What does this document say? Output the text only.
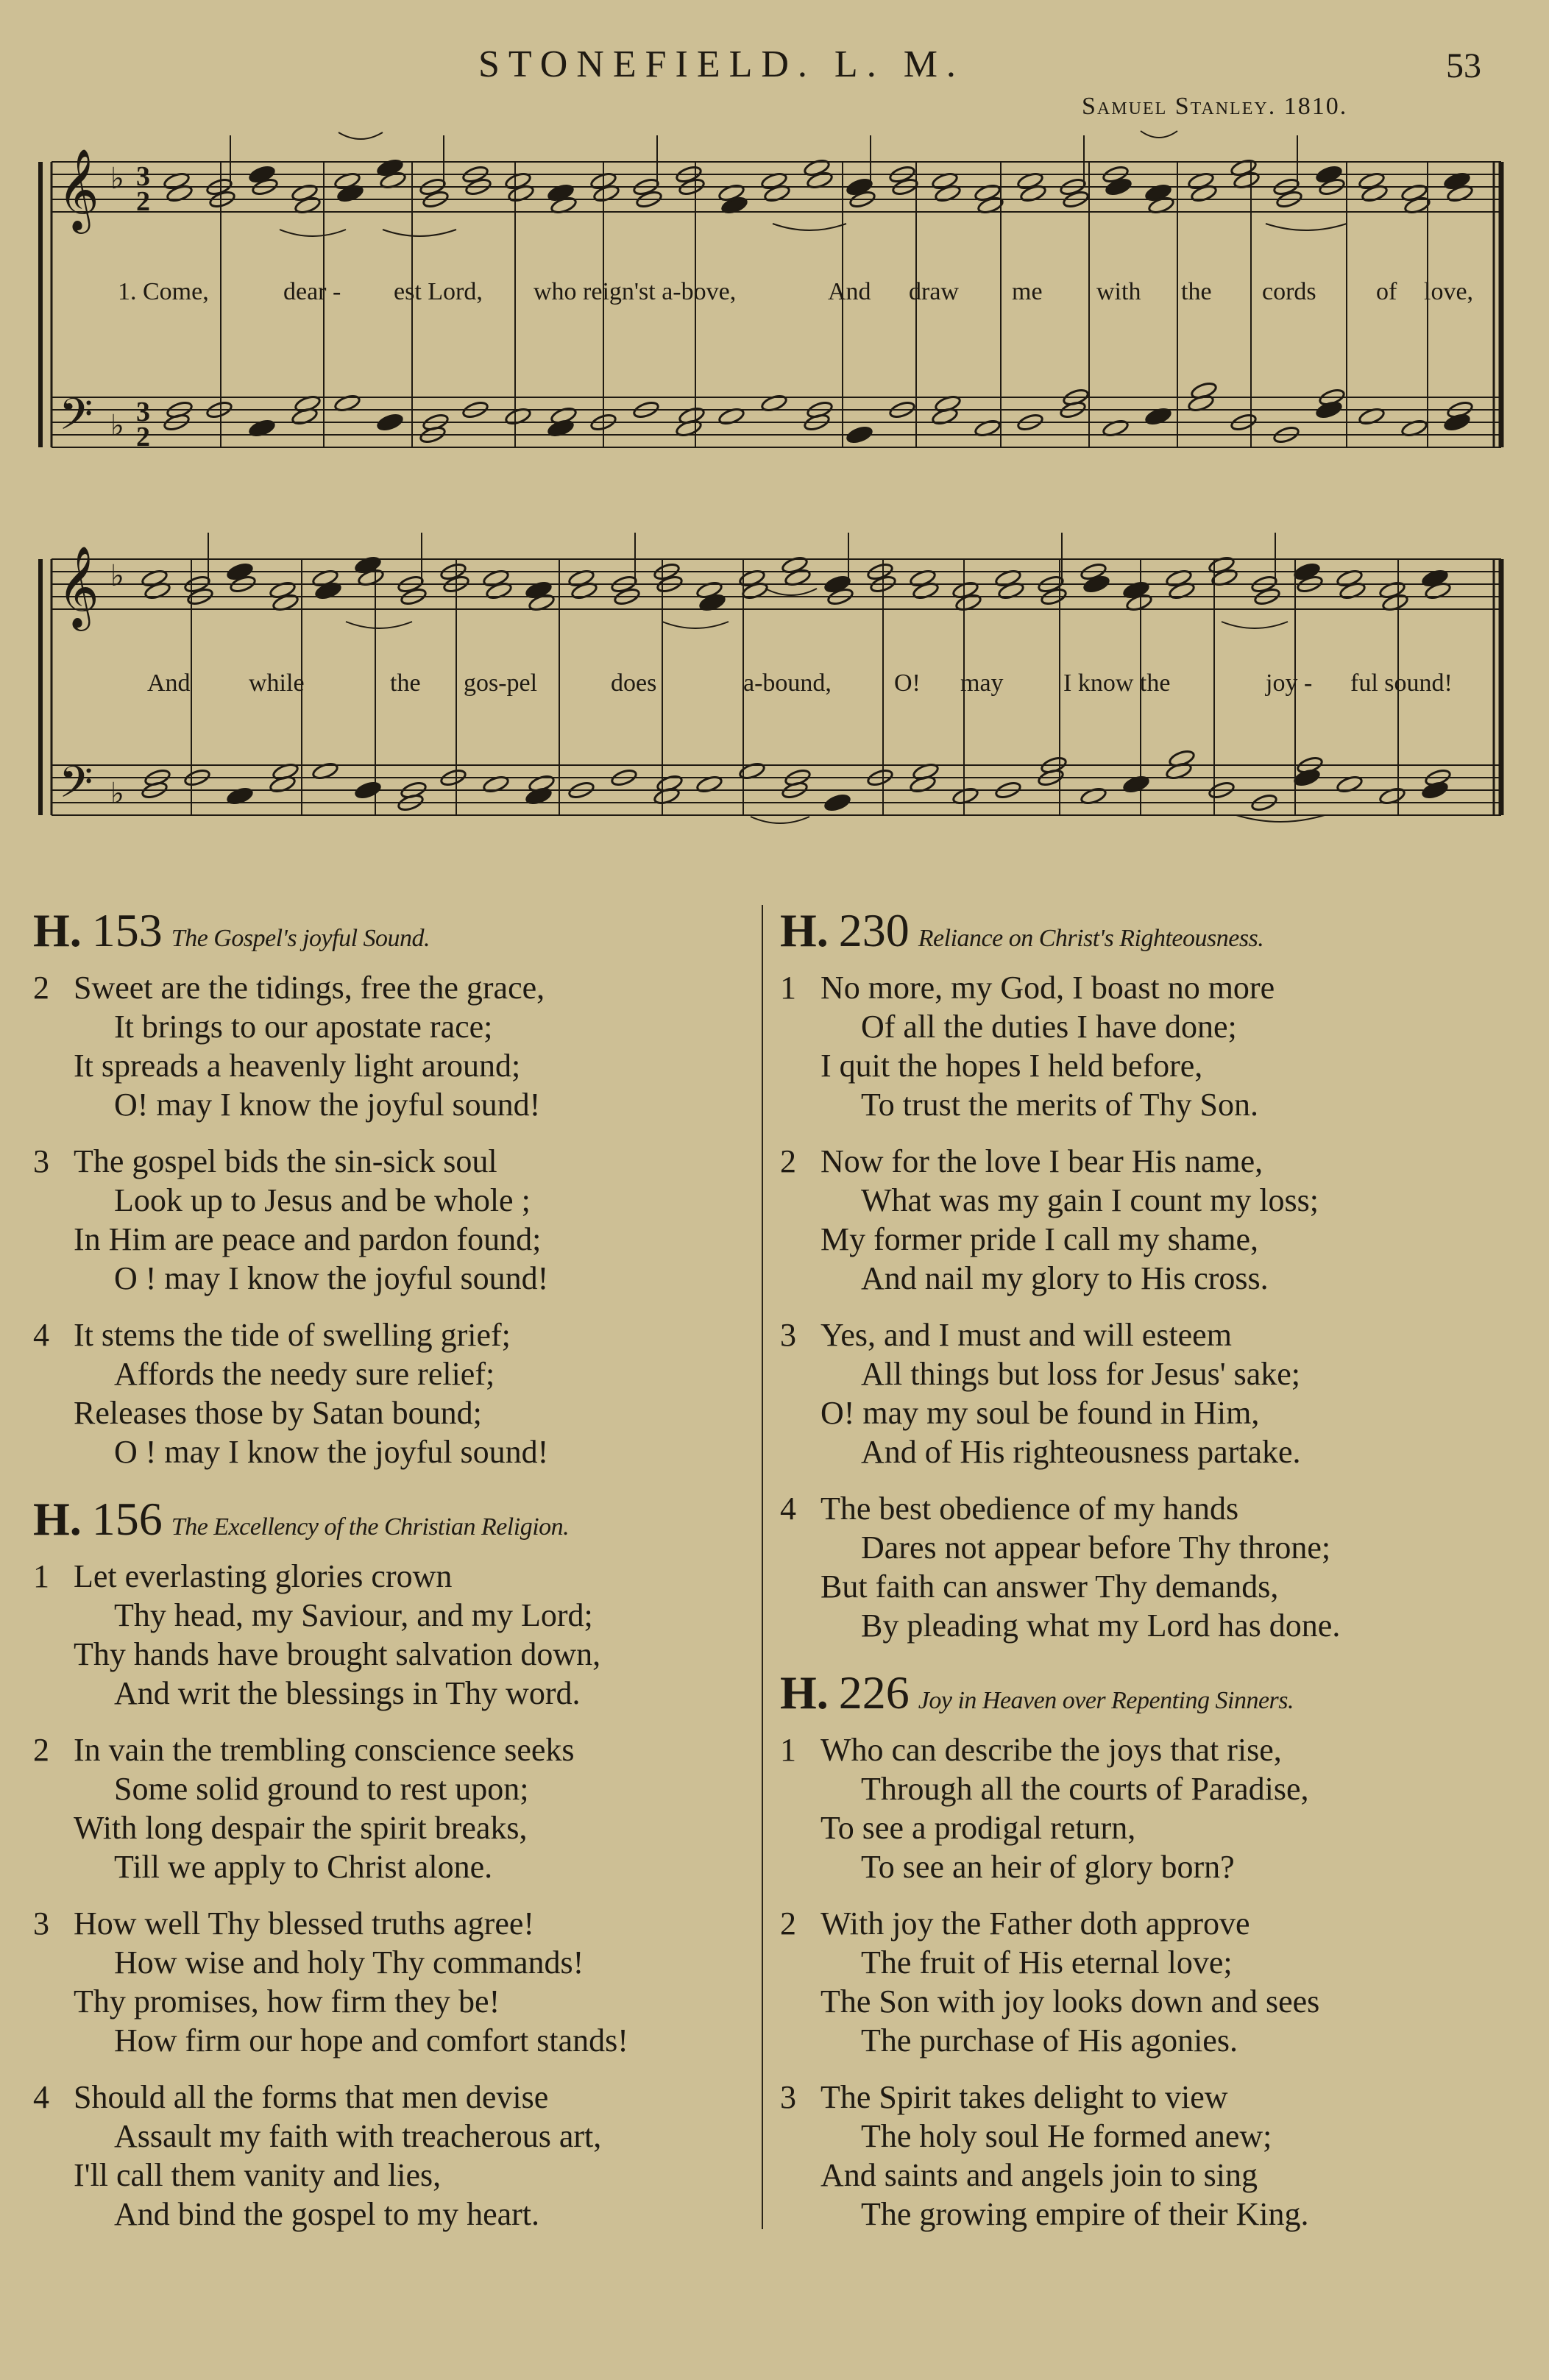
STONEFIELD. L. M.	53
Samuel Stanley. 1810.
𝄞
𝄢
♭ 3
2
♭ 3
2
𝄞
𝄢
♭
♭
1. Come,	dear - est Lord, who reign'st a-bove,	And draw me with the cords of love,
And while	the gos-pel	does	a-bound,	O! may I know the	joy - ful sound!
H. 153 The Gospel's joyful Sound.
2 Sweet are the tidings, free the grace,
It brings to our apostate race;
It spreads a heavenly light around;
O! may I know the joyful sound!
3 The gospel bids the sin-sick soul
Look up to Jesus and be whole ;
In Him are peace and pardon found;
O ! may I know the joyful sound!
4 It stems the tide of swelling grief;
Affords the needy sure relief;
Releases those by Satan bound;
O ! may I know the joyful sound!
H. 156 The Excellency of the Christian Religion.
1 Let everlasting glories crown
Thy head, my Saviour, and my Lord;
Thy hands have brought salvation down,
And writ the blessings in Thy word.
2 In vain the trembling conscience seeks
Some solid ground to rest upon;
With long despair the spirit breaks,
Till we apply to Christ alone.
3 How well Thy blessed truths agree!
How wise and holy Thy commands!
Thy promises, how firm they be!
How firm our hope and comfort stands!
4 Should all the forms that men devise
Assault my faith with treacherous art,
I'll call them vanity and lies,
And bind the gospel to my heart.
H. 230 Reliance on Christ's Righteousness.
1 No more, my God, I boast no more
Of all the duties I have done;
I quit the hopes I held before,
To trust the merits of Thy Son.
2 Now for the love I bear His name,
What was my gain I count my loss;
My former pride I call my shame,
And nail my glory to His cross.
3 Yes, and I must and will esteem
All things but loss for Jesus' sake;
O! may my soul be found in Him,
And of His righteousness partake.
4 The best obedience of my hands
Dares not appear before Thy throne;
But faith can answer Thy demands,
By pleading what my Lord has done.
H. 226 Joy in Heaven over Repenting Sinners.
1 Who can describe the joys that rise,
Through all the courts of Paradise,
To see a prodigal return,
To see an heir of glory born?
2 With joy the Father doth approve
The fruit of His eternal love;
The Son with joy looks down and sees
The purchase of His agonies.
3 The Spirit takes delight to view
The holy soul He formed anew;
And saints and angels join to sing
The growing empire of their King.
